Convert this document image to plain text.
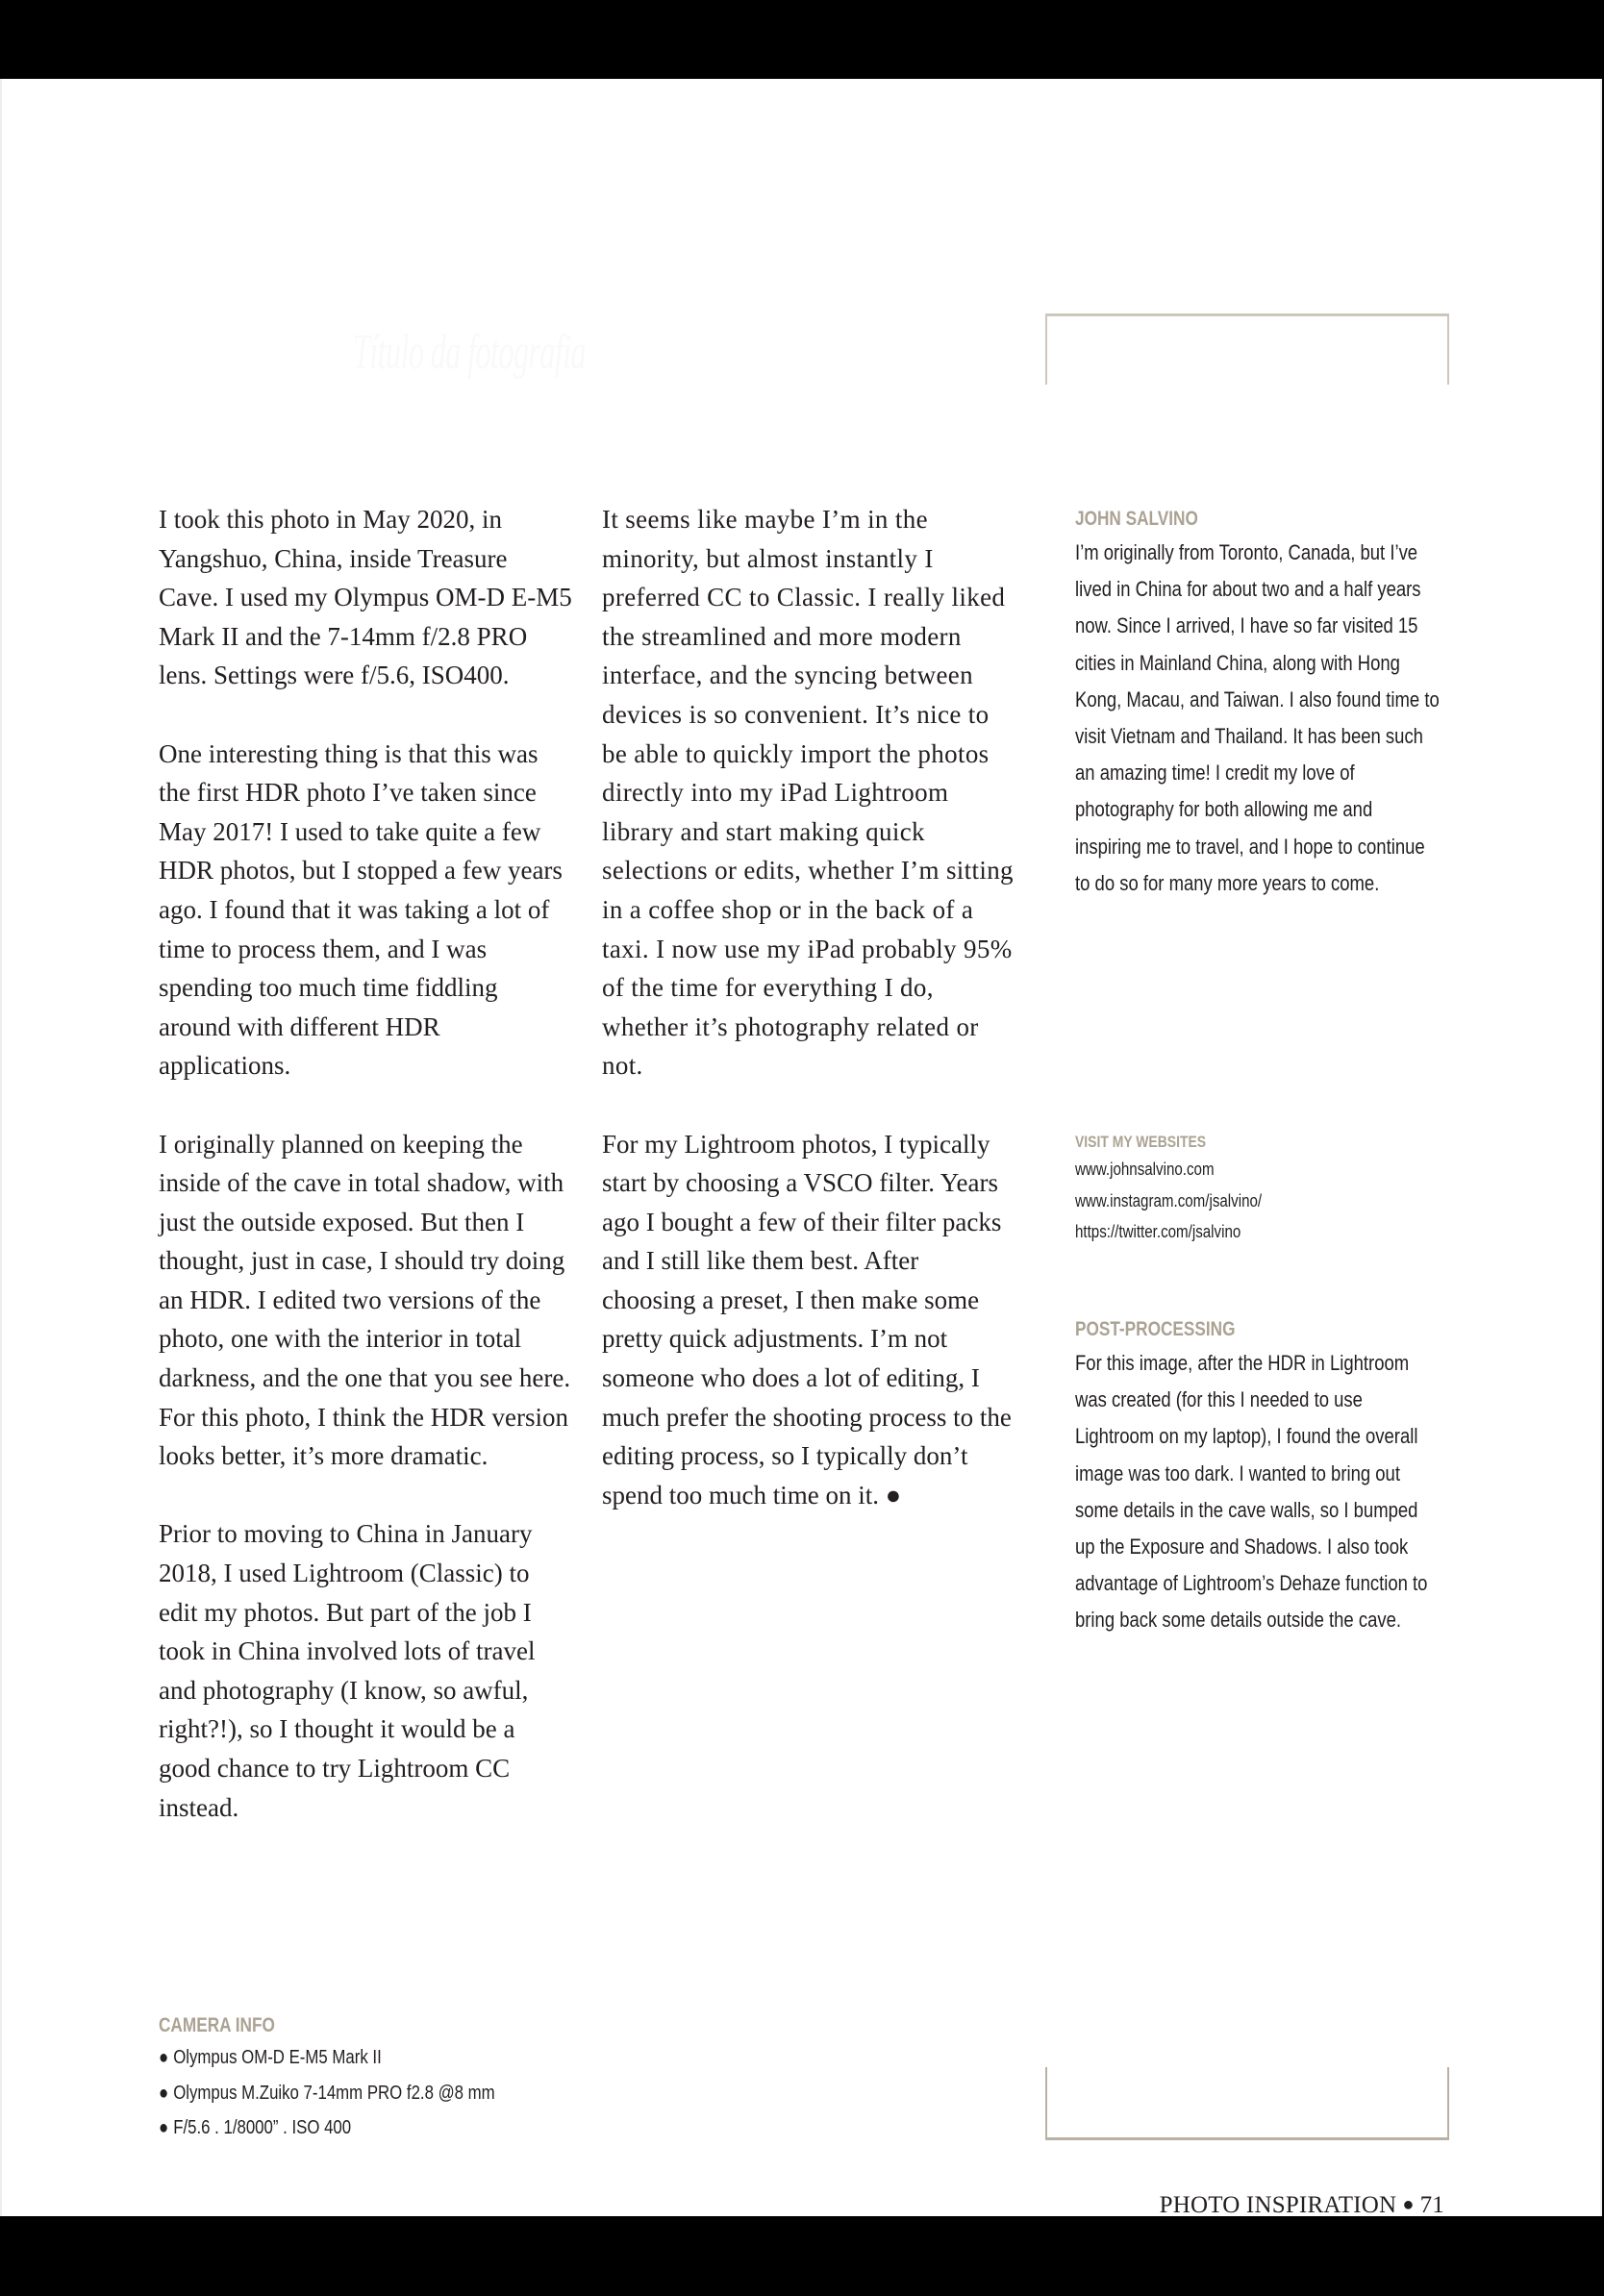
Título da fotografia

I took this photo in May 2020, in Yangshuo, China, inside Treasure Cave. I used my Olympus OM-D E-M5 Mark II and the 7-14mm f/2.8 PRO lens. Settings were f/5.6, ISO400.

One interesting thing is that this was the first HDR photo I’ve taken since May 2017! I used to take quite a few HDR photos, but I stopped a few years ago. I found that it was taking a lot of time to process them, and I was spending too much time fiddling around with different HDR applications.

I originally planned on keeping the inside of the cave in total shadow, with just the outside exposed. But then I thought, just in case, I should try doing an HDR. I edited two versions of the photo, one with the interior in total darkness, and the one that you see here. For this photo, I think the HDR version looks better, it’s more dramatic.

Prior to moving to China in January 2018, I used Lightroom (Classic) to edit my photos. But part of the job I took in China involved lots of travel and photography (I know, so awful, right?!), so I thought it would be a good chance to try Lightroom CC instead.

It seems like maybe I’m in the minority, but almost instantly I preferred CC to Classic. I really liked the streamlined and more modern interface, and the syncing between devices is so convenient. It’s nice to be able to quickly import the photos directly into my iPad Lightroom library and start making quick selections or edits, whether I’m sitting in a coffee shop or in the back of a taxi. I now use my iPad probably 95% of the time for everything I do, whether it’s photography related or not.

For my Lightroom photos, I typically start by choosing a VSCO filter. Years ago I bought a few of their filter packs and I still like them best. After choosing a preset, I then make some pretty quick adjustments. I’m not someone who does a lot of editing, I much prefer the shooting process to the editing process, so I typically don’t spend too much time on it. ●

JOHN SALVINO

I’m originally from Toronto, Canada, but I’ve lived in China for about two and a half years now. Since I arrived, I have so far visited 15 cities in Mainland China, along with Hong Kong, Macau, and Taiwan. I also found time to visit Vietnam and Thailand. It has been such an amazing time! I credit my love of photography for both allowing me and inspiring me to travel, and I hope to continue to do so for many more years to come.

VISIT MY WEBSITES
www.johnsalvino.com
www.instagram.com/jsalvino/
https://twitter.com/jsalvino
POST-PROCESSING

For this image, after the HDR in Lightroom was created (for this I needed to use Lightroom on my laptop), I found the overall image was too dark. I wanted to bring out some details in the cave walls, so I bumped up the Exposure and Shadows. I also took advantage of Lightroom’s Dehaze function to bring back some details outside the cave.

CAMERA INFO
● Olympus OM-D E-M5 Mark II
● Olympus M.Zuiko 7-14mm PRO f2.8 @8 mm
● F/5.6 . 1/8000” . ISO 400
PHOTO INSPIRATION ● 71
